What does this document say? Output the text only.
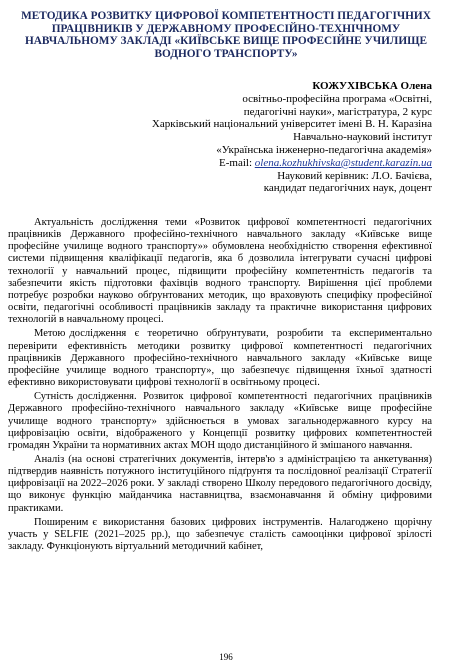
МЕТОДИКА РОЗВИТКУ ЦИФРОВОЇ КОМПЕТЕНТНОСТІ ПЕДАГОГІЧНИХ ПРАЦІВНИКІВ У ДЕРЖАВНОМУ ПРОФЕСІЙНО-ТЕХНІЧНОМУ НАВЧАЛЬНОМУ ЗАКЛАДІ «КИЇВСЬКЕ ВИЩЕ ПРОФЕСІЙНЕ УЧИЛИЩЕ ВОДНОГО ТРАНСПОРТУ»
КОЖУХІВСЬКА Олена
освітньо-професійна програма «Освітні,
педагогічні науки», магістратура, 2 курс
Харківський національний університет імені В. Н. Каразіна
Навчально-науковий інститут
«Українська інженерно-педагогічна академія»
E-mail: olena.kozhukhivska@student.karazin.ua
Науковий керівник: Л.О. Бачієва,
кандидат педагогічних наук, доцент

Актуальність дослідження теми «Розвиток цифрової компетентності педагогічних працівників Державного професійно-технічного навчального закладу «Київське вище професійне училище водного транспорту»» обумовлена необхідністю створення ефективної системи підвищення кваліфікації педагогів, яка б дозволила інтегрувати сучасні цифрові технології у навчальний процес, підвищити професійну компетентність педагогів та забезпечити якість підготовки фахівців водного транспорту. Вирішення цієї проблеми потребує розробки науково обґрунтованих методик, що враховують специфіку професійної освіти, педагогічні особливості працівників закладу та практичне використання цифрових технологій в навчальному процесі.

Метою дослідження є теоретично обґрунтувати, розробити та експериментально перевірити ефективність методики розвитку цифрової компетентності педагогічних працівників Державного професійно-технічного навчального закладу «Київське вище професійне училище водного транспорту», що забезпечує підвищення їхньої здатності ефективно використовувати цифрові технології в освітньому процесі.

Сутність дослідження. Розвиток цифрової компетентності педагогічних працівників Державного професійно-технічного навчального закладу «Київське вище професійне училище водного транспорту» здійснюється в умовах загальнодержавного курсу на цифровізацію освіти, відображеного у Концепції розвитку цифрових компетентностей громадян України та нормативних актах МОН щодо дистанційного й змішаного навчання.

Аналіз (на основі стратегічних документів, інтерв'ю з адміністрацією та анкетування) підтвердив наявність потужного інституційного підґрунтя та послідовної реалізації Стратегії цифровізації на 2022–2026 роки. У закладі створено Школу передового педагогічного досвіду, що виконує функцію майданчика наставництва, взаємонавчання й обміну цифровими практиками.

Поширеним є використання базових цифрових інструментів. Налагоджено щорічну участь у SELFIE (2021–2025 рр.), що забезпечує сталість самооцінки цифрової зрілості закладу. Функціонують віртуальний методичний кабінет,

196
